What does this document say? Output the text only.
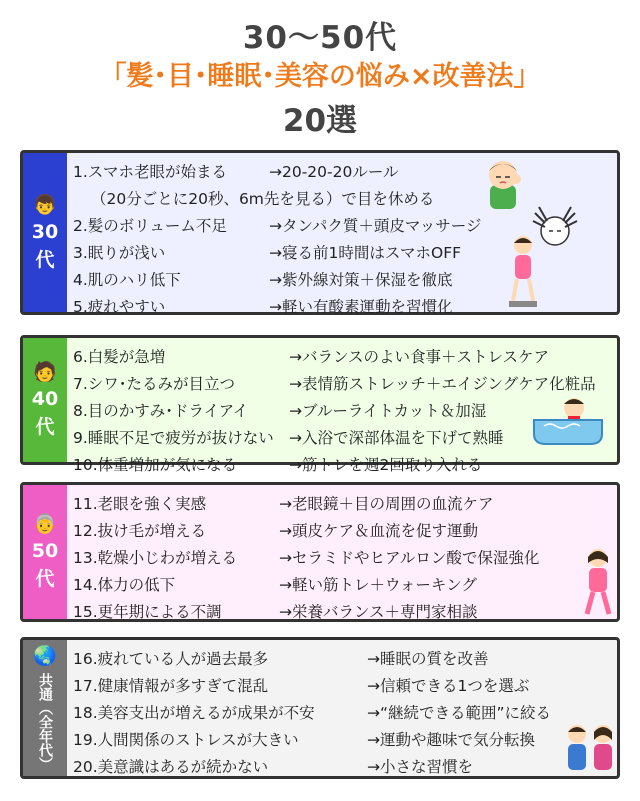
30～50代
「髪･目･睡眠･美容の悩み×改善法」
20選
👦
30
代
1.スマホ老眼が始まる	→20-20-20ルール
（20分ごとに20秒、6m先を見る）で目を休める
2.髪のボリューム不足	→タンパク質＋頭皮マッサージ
3.眠りが浅い	→寝る前1時間はスマホOFF
4.肌のハリ低下	→紫外線対策＋保湿を徹底
5.疲れやすい	→軽い有酸素運動を習慣化
🧑
40
代
6.白髪が急増	→バランスのよい食事＋ストレスケア
7.シワ･たるみが目立つ	→表情筋ストレッチ＋エイジングケア化粧品
8.目のかすみ･ドライアイ	→ブルーライトカット＆加湿
9.睡眠不足で疲労が抜けない →入浴で深部体温を下げて熟睡
10.体重増加が気になる	→筋トレを週2回取り入れる
👵
50
代
11.老眼を強く実感	→老眼鏡＋目の周囲の血流ケア
12.抜け毛が増える	→頭皮ケア＆血流を促す運動
13.乾燥小じわが増える	→セラミドやヒアルロン酸で保湿強化
14.体力の低下	→軽い筋トレ＋ウォーキング
15.更年期による不調	→栄養バランス＋専門家相談
🌏
共通（全年代）
16.疲れている人が過去最多	→睡眠の質を改善
17.健康情報が多すぎて混乱	→信頼できる1つを選ぶ
18.美容支出が増えるが成果が不安	→“継続できる範囲”に絞る
19.人間関係のストレスが大きい	→運動や趣味で気分転換
20.美意識はあるが続かない	→小さな習慣を
